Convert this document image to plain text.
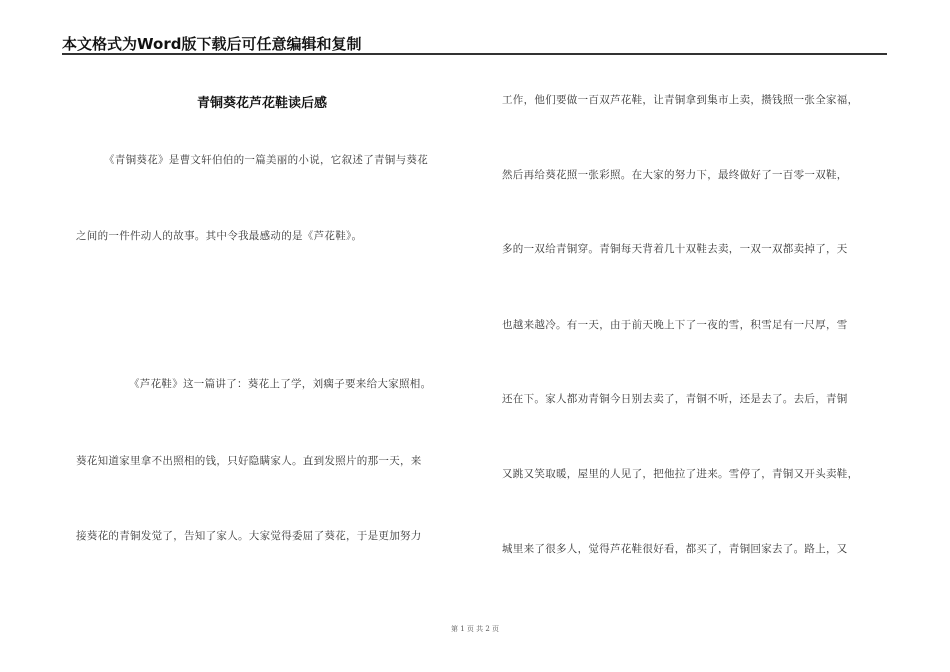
本文格式为Word版下载后可任意编辑和复制
青铜葵花芦花鞋读后感
《青铜葵花》是曹文轩伯伯的一篇美丽的小说，它叙述了青铜与葵花
之间的一件件动人的故事。其中令我最感动的是《芦花鞋》。
《芦花鞋》这一篇讲了：葵花上了学，刘瘸子要来给大家照相。
葵花知道家里拿不出照相的钱，只好隐瞒家人。直到发照片的那一天，来
接葵花的青铜发觉了，告知了家人。大家觉得委屈了葵花，于是更加努力
工作，他们要做一百双芦花鞋，让青铜拿到集市上卖，攒钱照一张全家福，
然后再给葵花照一张彩照。在大家的努力下，最终做好了一百零一双鞋，
多的一双给青铜穿。青铜每天背着几十双鞋去卖，一双一双都卖掉了，天
也越来越冷。有一天，由于前天晚上下了一夜的雪，积雪足有一尺厚，雪
还在下。家人都劝青铜今日别去卖了，青铜不听，还是去了。去后，青铜
又跳又笑取暖，屋里的人见了，把他拉了进来。雪停了，青铜又开头卖鞋，
城里来了很多人，觉得芦花鞋很好看，都买了，青铜回家去了。路上，又
第 1 页 共 2 页
